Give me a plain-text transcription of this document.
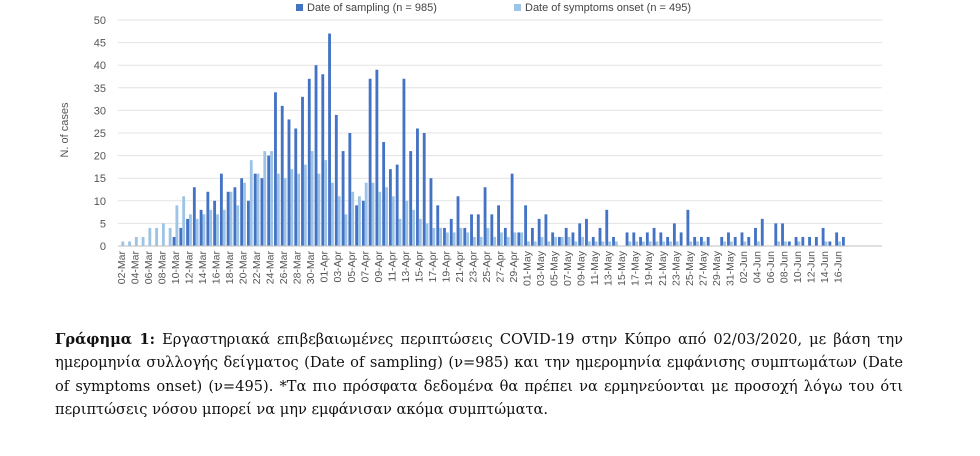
0
5
10
15
20
25
30
35
40
45
50
N. of cases
02-Mar 04-Mar 06-Mar 08-Mar 10-Mar 12-Mar 14-Mar 16-Mar 18-Mar 20-Mar 22-Mar 24-Mar 26-Mar 28-Mar 30-Mar 01-Apr 03-Apr 05-Apr 07-Apr 09-Apr 11-Apr 13-Apr 15-Apr 17-Apr 19-Apr 21-Apr 23-Apr 25-Apr 27-Apr 29-Apr 01-May 03-May 05-May 07-May 09-May 11-May 13-May 15-May 17-May 19-May 21-May 23-May 25-May 27-May 29-May 31-May 02-Jun 04-Jun 06-Jun 08-Jun 10-Jun 12-Jun 14-Jun 16-Jun
Date of sampling (n = 985)	Date of symptoms onset (n = 495)
Γράφημα 1: Εργαστηριακά επιβεβαιωμένες περιπτώσεις COVID-19 στην Κύπρο από 02/03/2020, με βάση την ημερομηνία συλλογής δείγματος (Date of sampling) (ν=985) και την ημερομηνία εμφάνισης συμπτωμάτων (Date of symptoms onset) (ν=495). *Τα πιο πρόσφατα δεδομένα θα πρέπει να ερμηνεύονται με προσοχή λόγω του ότι περιπτώσεις νόσου μπορεί να μην εμφάνισαν ακόμα συμπτώματα.
